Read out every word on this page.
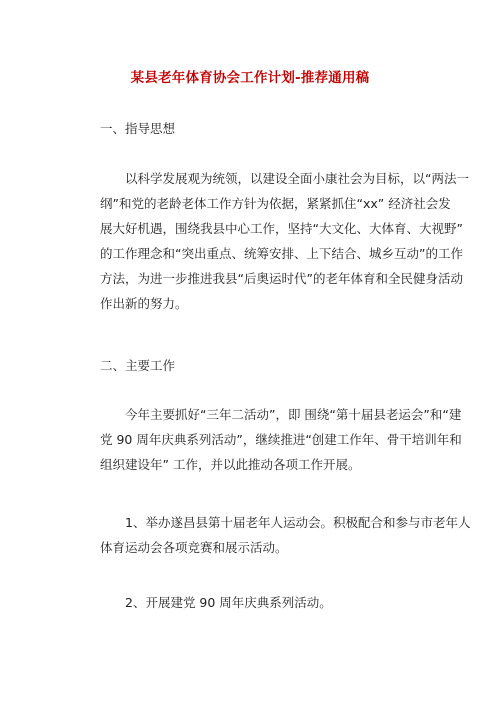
某县老年体育协会工作计划-推荐通用稿
一、指导思想
以科学发展观为统领，以建设全面小康社会为目标，以“两法一
纲”和党的老龄老体工作方针为依据，紧紧抓住“xx” 经济社会发
展大好机遇，围绕我县中心工作，坚持“大文化、大体育、大视野”
的工作理念和“突出重点、统筹安排、上下结合、城乡互动”的工作
方法，为进一步推进我县“后奥运时代”的老年体育和全民健身活动
作出新的努力。
二、主要工作
今年主要抓好“三年二活动”，即 围绕“第十届县老运会”和“建
党 90 周年庆典系列活动”，继续推进“创建工作年、骨干培训年和
组织建设年” 工作，并以此推动各项工作开展。
1、举办遂昌县第十届老年人运动会。积极配合和参与市老年人
体育运动会各项竞赛和展示活动。
2、开展建党 90 周年庆典系列活动。
